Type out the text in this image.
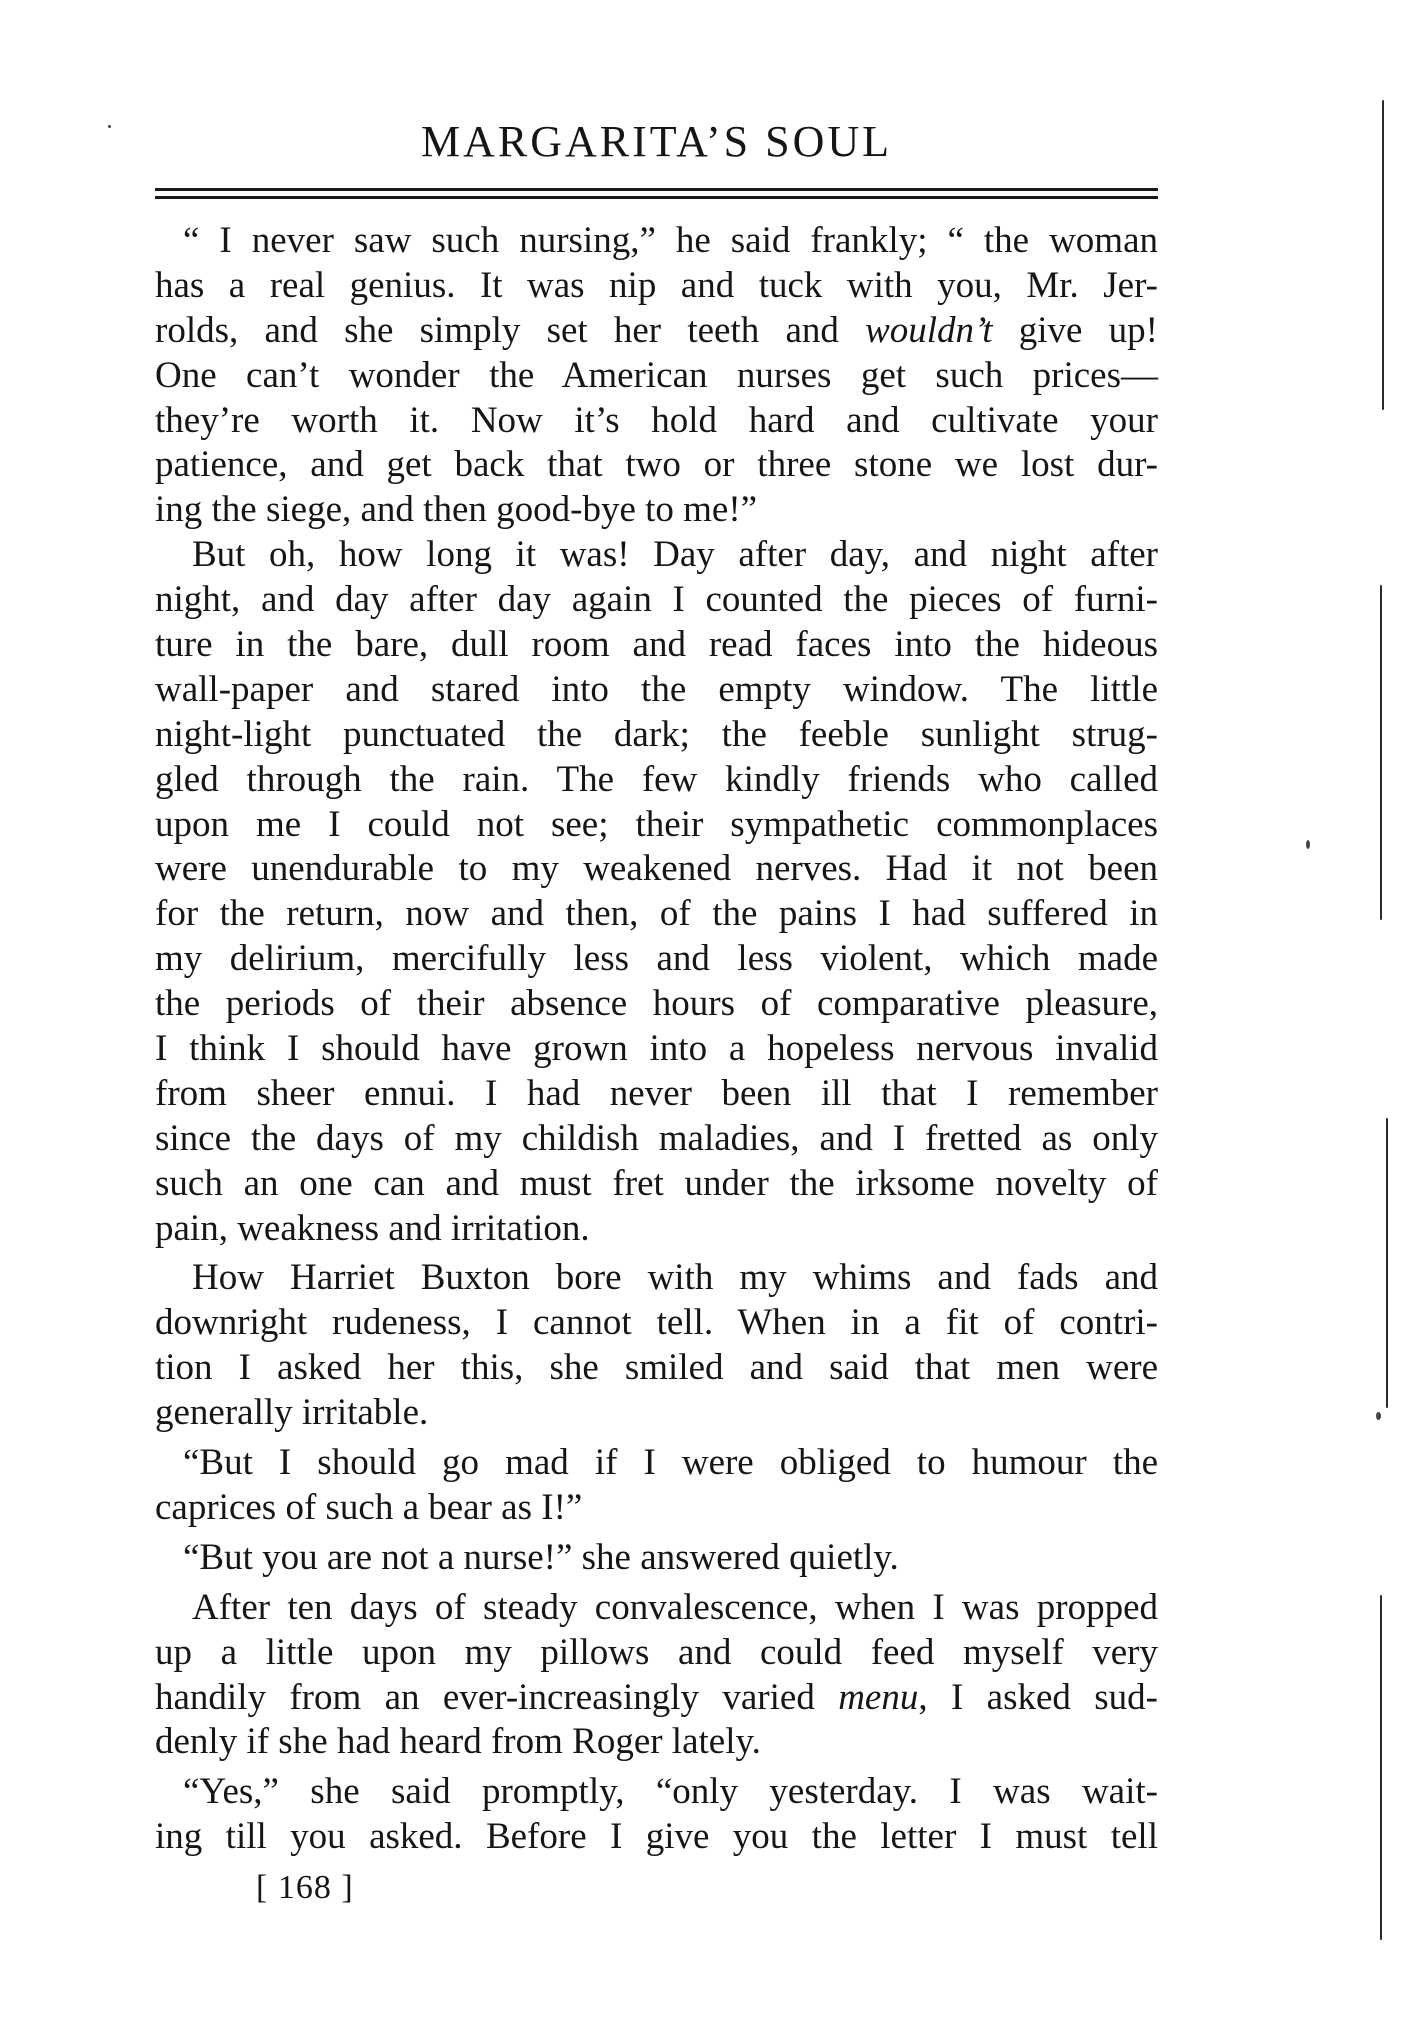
MARGARITA’S SOUL
“ I never saw such nursing,” he said frankly; “ the woman
has a real genius. It was nip and tuck with you, Mr. Jer-
rolds, and she simply set her teeth and wouldn’t give up!
One can’t wonder the American nurses get such prices—
they’re worth it. Now it’s hold hard and cultivate your
patience, and get back that two or three stone we lost dur-
ing the siege, and then good-bye to me!”
But oh, how long it was! Day after day, and night after
night, and day after day again I counted the pieces of furni-
ture in the bare, dull room and read faces into the hideous
wall-paper and stared into the empty window. The little
night-light punctuated the dark; the feeble sunlight strug-
gled through the rain. The few kindly friends who called
upon me I could not see; their sympathetic commonplaces
were unendurable to my weakened nerves. Had it not been
for the return, now and then, of the pains I had suffered in
my delirium, mercifully less and less violent, which made
the periods of their absence hours of comparative pleasure,
I think I should have grown into a hopeless nervous invalid
from sheer ennui. I had never been ill that I remember
since the days of my childish maladies, and I fretted as only
such an one can and must fret under the irksome novelty of
pain, weakness and irritation.
How Harriet Buxton bore with my whims and fads and
downright rudeness, I cannot tell. When in a fit of contri-
tion I asked her this, she smiled and said that men were
generally irritable.
“But I should go mad if I were obliged to humour the
caprices of such a bear as I!”
“But you are not a nurse!” she answered quietly.
After ten days of steady convalescence, when I was propped
up a little upon my pillows and could feed myself very
handily from an ever-increasingly varied menu, I asked sud-
denly if she had heard from Roger lately.
“Yes,” she said promptly, “only yesterday. I was wait-
ing till you asked. Before I give you the letter I must tell
[ 168 ]
